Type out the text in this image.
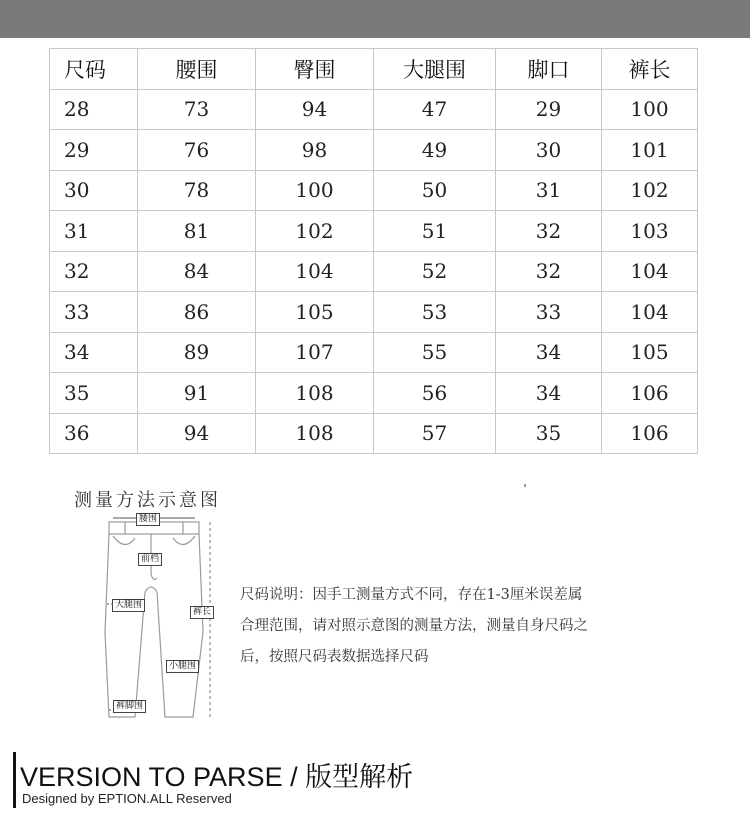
尺码	腰围	臀围	大腿围	脚口	裤长
28	73	94	47	29	100
29	76	98	49	30	101
30	78	100	50	31	102
31	81	102	51	32	103
32	84	104	52	32	104
33	86	105	53	33	104
34	89	107	55	34	105
35	91	108	56	34	106
36	94	108	57	35	106
测量方法示意图
腰围
前档
大腿围
裤长
小腿围
裤脚围

尺码说明：因手工测量方式不同，存在1-3厘米误差属

合理范围，请对照示意图的测量方法，测量自身尺码之

后，按照尺码表数据选择尺码

VERSION TO PARSE / 版型解析
Designed by EPTION.ALL Reserved
